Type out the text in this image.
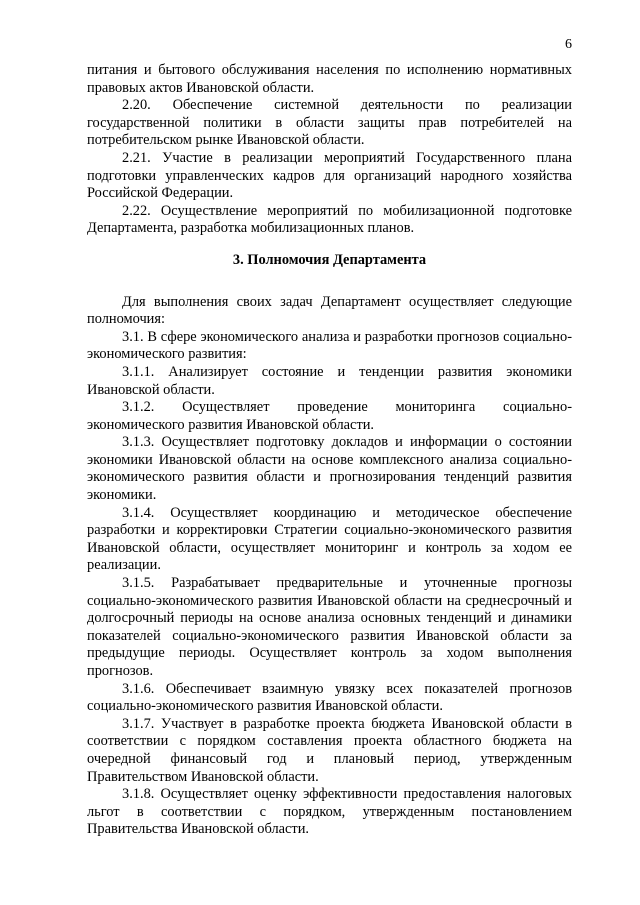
6

питания и бытового обслуживания населения по исполнению нормативных правовых актов Ивановской области.

2.20. Обеспечение системной деятельности по реализации государственной политики в области защиты прав потребителей на потребительском рынке Ивановской области.

2.21. Участие в реализации мероприятий Государственного плана подготовки управленческих кадров для организаций народного хозяйства Российской Федерации.

2.22. Осуществление мероприятий по мобилизационной подготовке Департамента, разработка мобилизационных планов.

3. Полномочия Департамента

Для выполнения своих задач Департамент осуществляет следующие полномочия:

3.1. В сфере экономического анализа и разработки прогнозов социально-экономического развития:

3.1.1. Анализирует состояние и тенденции развития экономики Ивановской области.

3.1.2. Осуществляет проведение мониторинга социально-экономического развития Ивановской области.

3.1.3. Осуществляет подготовку докладов и информации о состоянии экономики Ивановской области на основе комплексного анализа социально-экономического развития области и прогнозирования тенденций развития экономики.

3.1.4. Осуществляет координацию и методическое обеспечение разработки и корректировки Стратегии социально-экономического развития Ивановской области, осуществляет мониторинг и контроль за ходом ее реализации.

3.1.5. Разрабатывает предварительные и уточненные прогнозы социально-экономического развития Ивановской области на среднесрочный и долгосрочный периоды на основе анализа основных тенденций и динамики показателей социально-экономического развития Ивановской области за предыдущие периоды. Осуществляет контроль за ходом выполнения прогнозов.

3.1.6. Обеспечивает взаимную увязку всех показателей прогнозов социально-экономического развития Ивановской области.

3.1.7. Участвует в разработке проекта бюджета Ивановской области в соответствии с порядком составления проекта областного бюджета на очередной финансовый год и плановый период, утвержденным Правительством Ивановской области.

3.1.8. Осуществляет оценку эффективности предоставления налоговых льгот в соответствии с порядком, утвержденным постановлением Правительства Ивановской области.
